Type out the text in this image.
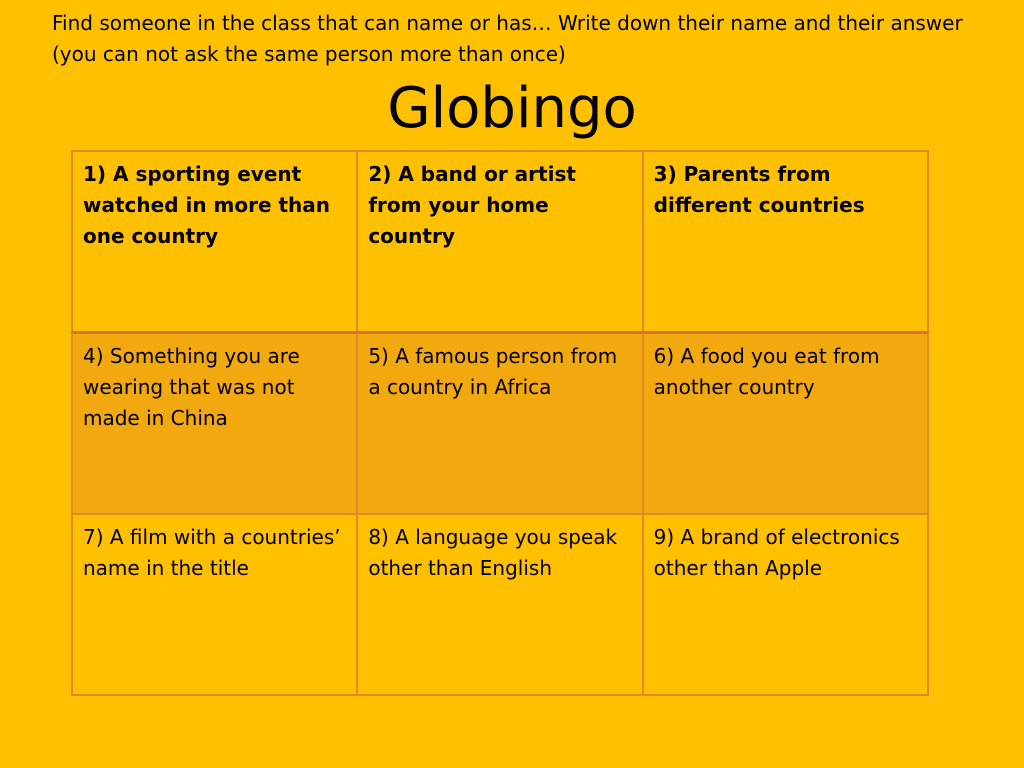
Find someone in the class that can name or has… Write down their name and their answer (you can not ask the same person more than once)
Globingo
1) A sporting event watched in more than one country	2) A band or artist from your home country	3) Parents from different countries
4) Something you are wearing that was not made in China	5) A famous person from a country in Africa	6) A food you eat from another country
7) A film with a countries’ name in the title	8) A language you speak other than English	9) A brand of electronics other than Apple
